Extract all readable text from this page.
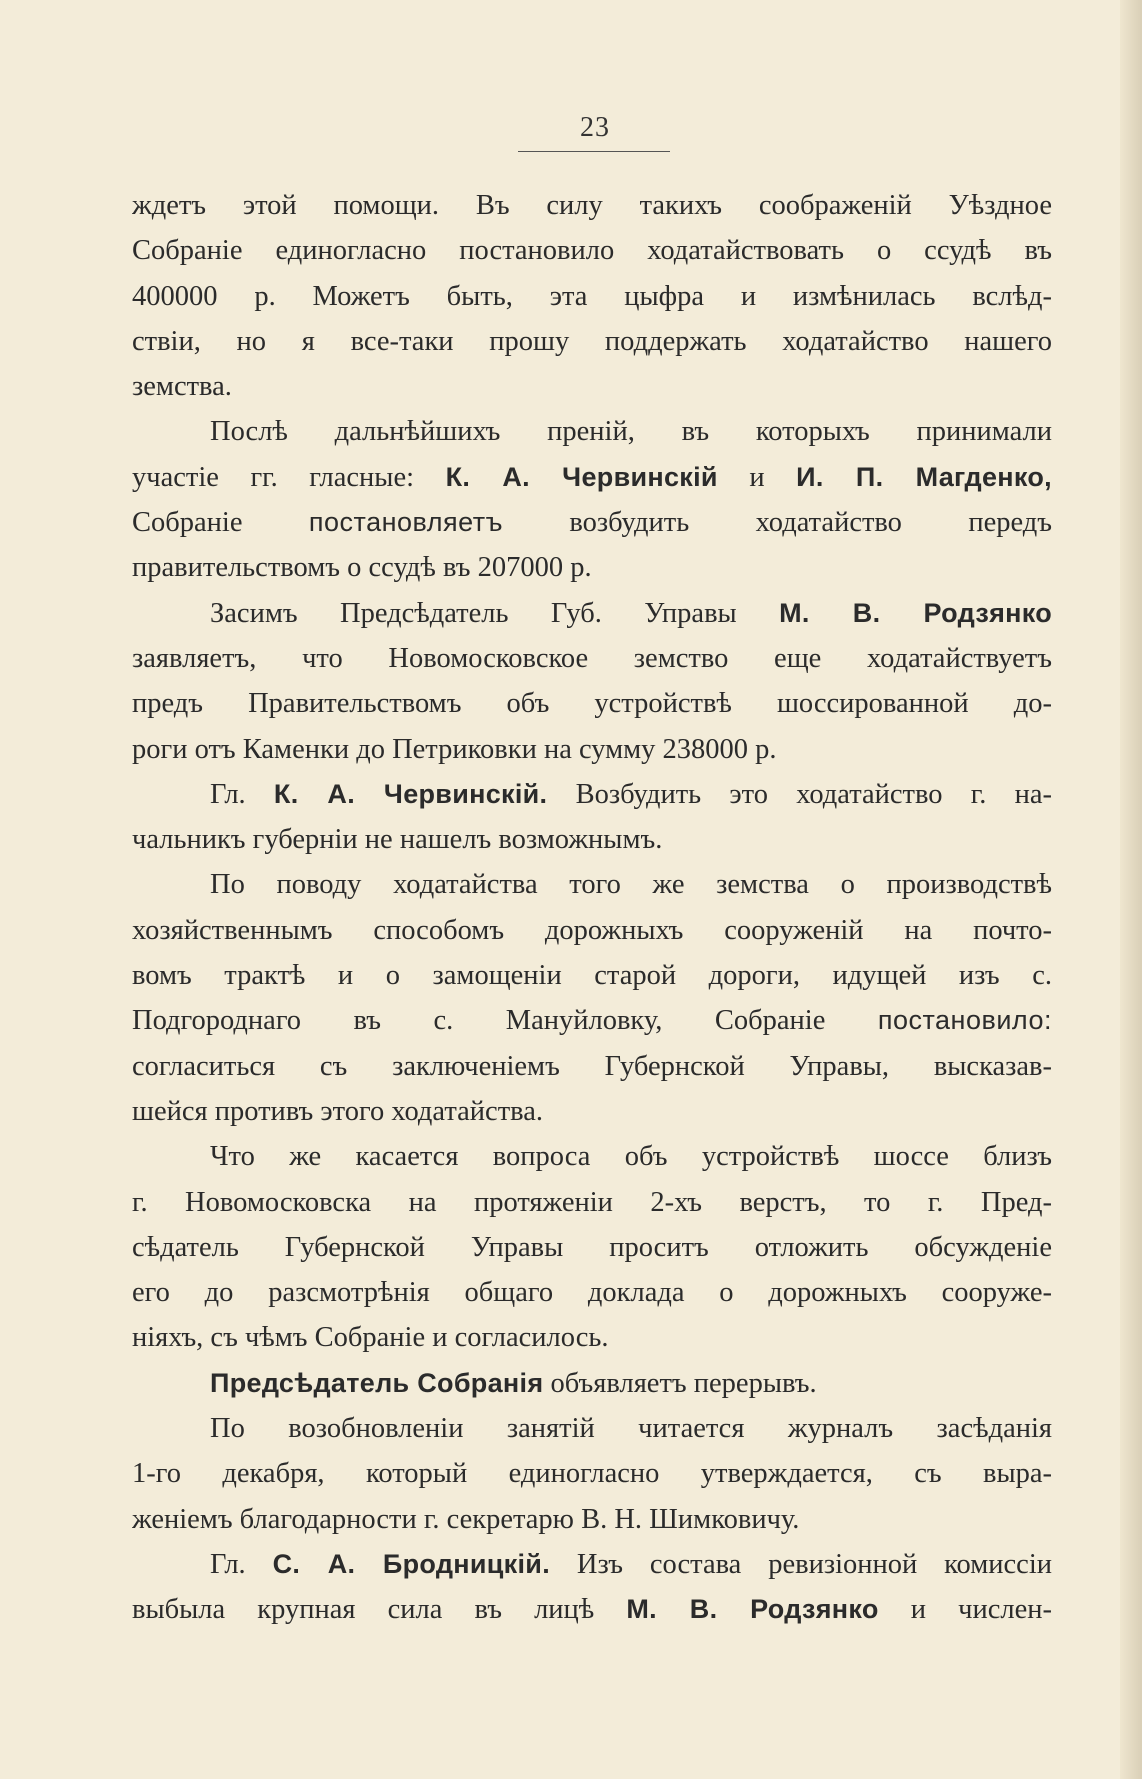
23
ждетъ этой помощи. Въ силу такихъ соображеній Уѣздное
Собраніе единогласно постановило ходатайствовать о ссудѣ въ
400000 р. Можетъ быть, эта цыфра и измѣнилась вслѣд-
ствіи, но я все-таки прошу поддержать ходатайство нашего
земства.
Послѣ дальнѣйшихъ преній, въ которыхъ принимали
участіе гг. гласные: К. А. Червинскій и И. П. Магденко,
Собраніе постановляетъ возбудить ходатайство передъ
правительствомъ о ссудѣ въ 207000 р.
Засимъ Предсѣдатель Губ. Управы М. В. Родзянко
заявляетъ, что Новомосковское земство еще ходатайствуетъ
предъ Правительствомъ объ устройствѣ шоссированной до-
роги отъ Каменки до Петриковки на сумму 238000 р.
Гл. К. А. Червинскій. Возбудить это ходатайство г. на-
чальникъ губерніи не нашелъ возможнымъ.
По поводу ходатайства того же земства о производствѣ
хозяйственнымъ способомъ дорожныхъ сооруженій на почто-
вомъ трактѣ и о замощеніи старой дороги, идущей изъ с.
Подгороднаго въ с. Мануйловку, Собраніе постановило:
согласиться съ заключеніемъ Губернской Управы, высказав-
шейся противъ этого ходатайства.
Что же касается вопроса объ устройствѣ шоссе близъ
г. Новомосковска на протяженіи 2-хъ верстъ, то г. Пред-
сѣдатель Губернской Управы проситъ отложить обсужденіе
его до разсмотрѣнія общаго доклада о дорожныхъ сооруже-
ніяхъ, съ чѣмъ Собраніе и согласилось.
Предсѣдатель Собранія объявляетъ перерывъ.
По возобновленіи занятій читается журналъ засѣданія
1-го декабря, который единогласно утверждается, съ выра-
женіемъ благодарности г. секретарю В. Н. Шимковичу.
Гл. С. А. Бродницкій. Изъ состава ревизіонной комиссіи
выбыла крупная сила въ лицѣ М. В. Родзянко и числен-
